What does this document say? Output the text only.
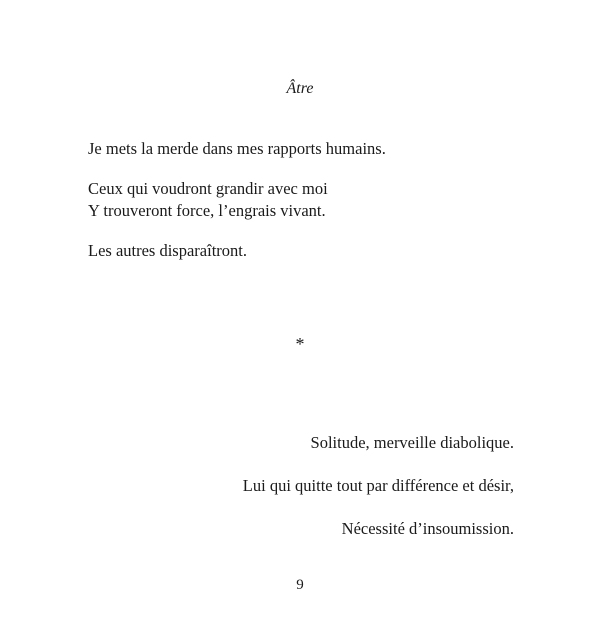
Âtre
Je mets la merde dans mes rapports humains.
Ceux qui voudront grandir avec moi
Y trouveront force, l’engrais vivant.
Les autres disparaîtront.
*
Solitude, merveille diabolique.
Lui qui quitte tout par différence et désir,
Nécessité d’insoumission.
9
